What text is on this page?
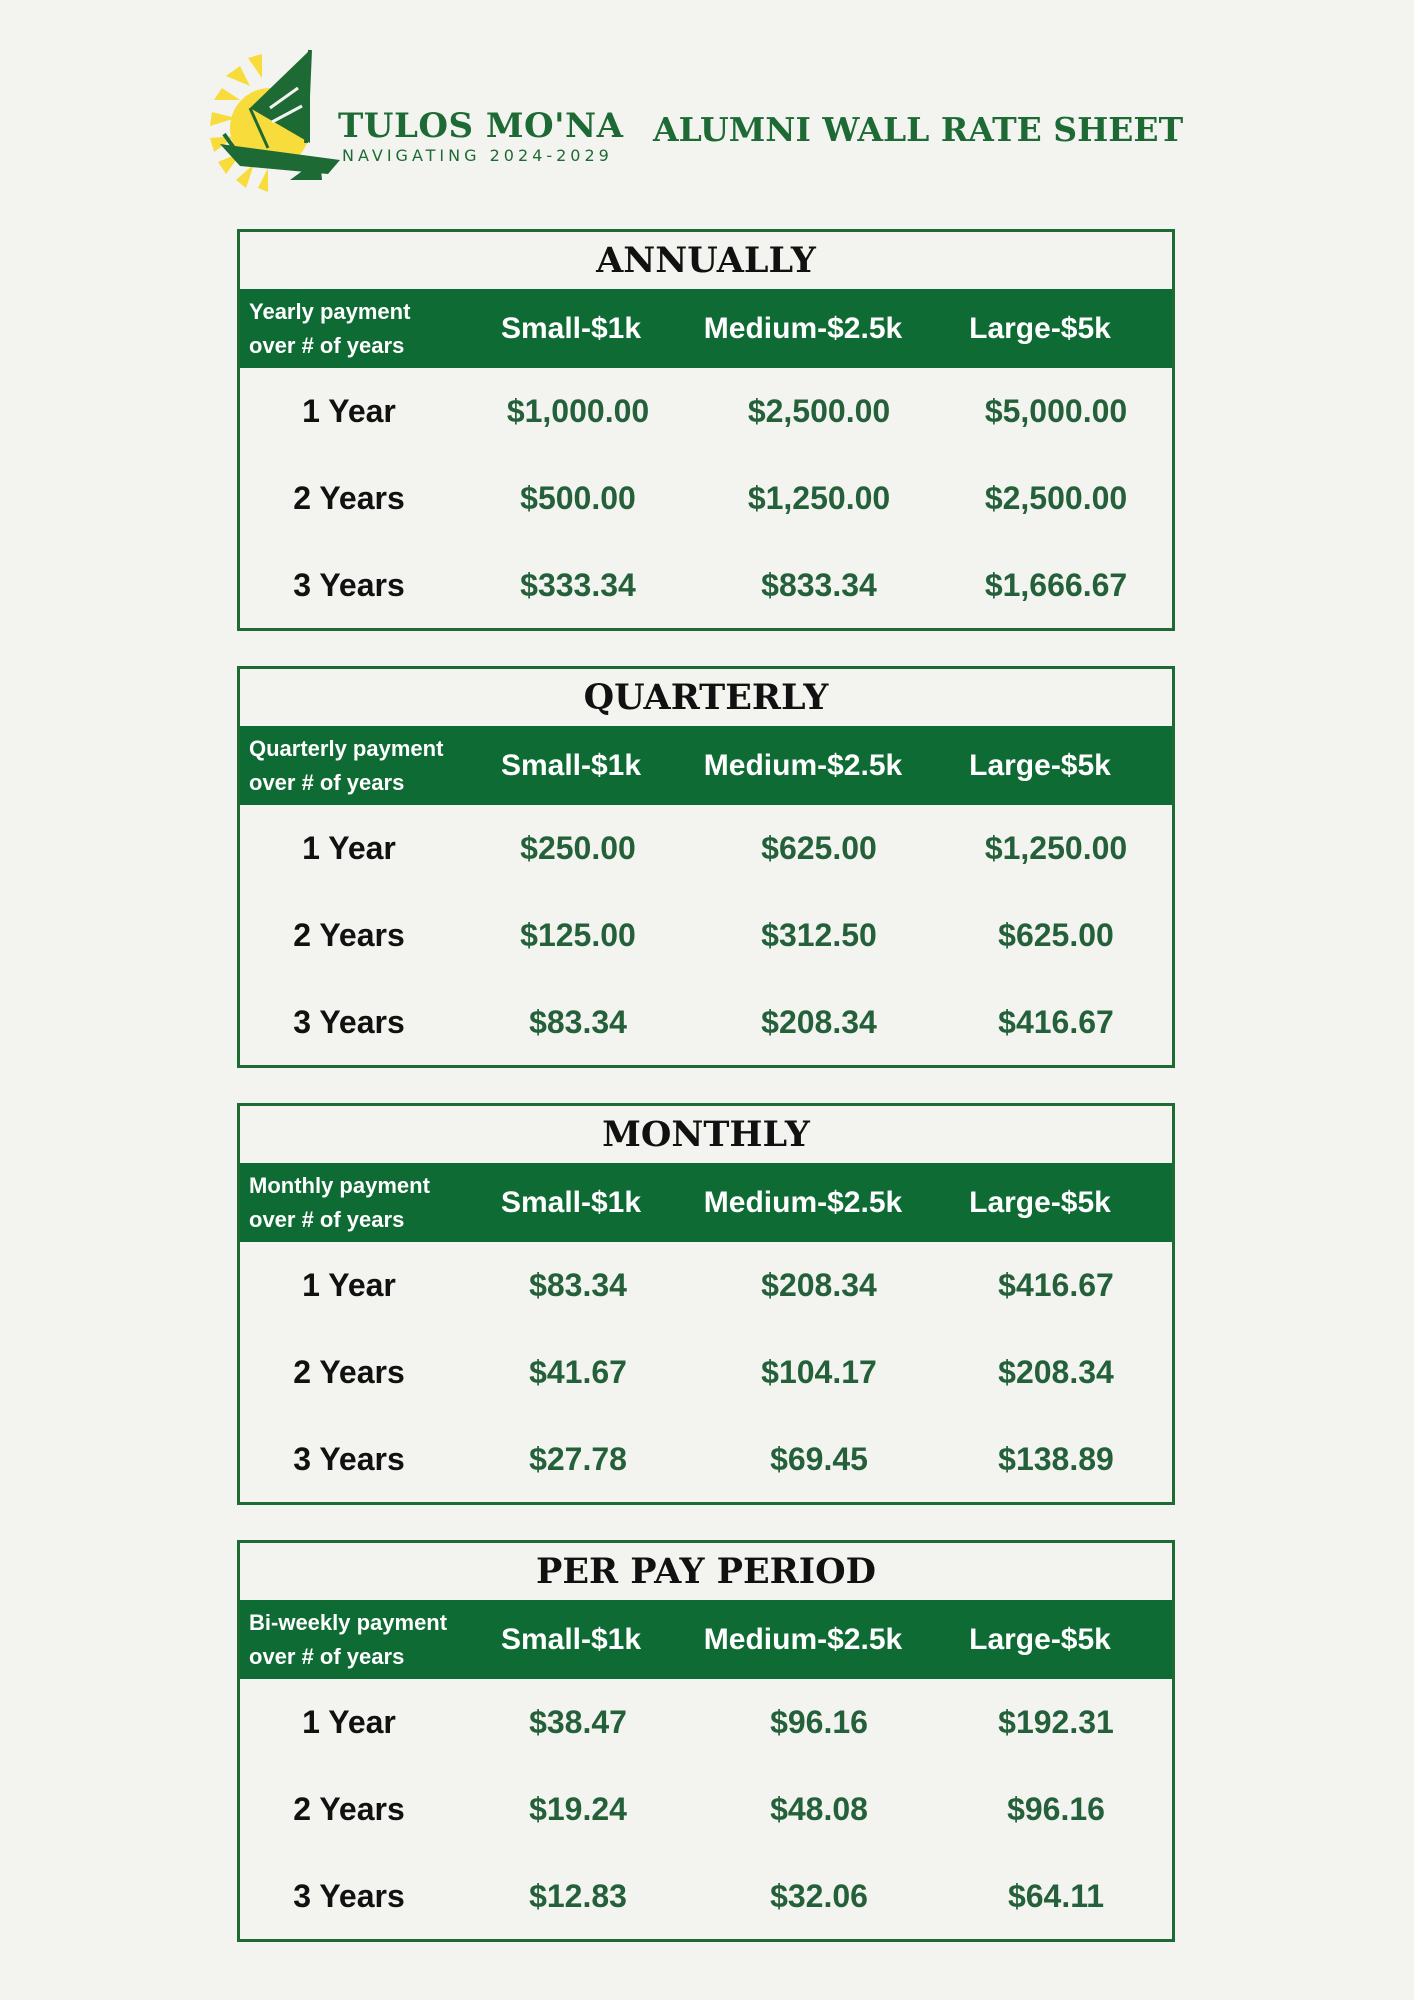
TULOS MO'NA
NAVIGATING 2024-2029
ALUMNI WALL RATE SHEET
ANNUALLY
Yearly payment
over # of years
Small-$1k	Medium-$2.5k	Large-$5k
1 Year	$1,000.00	$2,500.00	$5,000.00
2 Years	$500.00	$1,250.00	$2,500.00
3 Years	$333.34	$833.34	$1,666.67
QUARTERLY
Quarterly payment
over # of years
Small-$1k	Medium-$2.5k	Large-$5k
1 Year	$250.00	$625.00	$1,250.00
2 Years	$125.00	$312.50	$625.00
3 Years	$83.34	$208.34	$416.67
MONTHLY
Monthly payment
over # of years
Small-$1k	Medium-$2.5k	Large-$5k
1 Year	$83.34	$208.34	$416.67
2 Years	$41.67	$104.17	$208.34
3 Years	$27.78	$69.45	$138.89
PER PAY PERIOD
Bi-weekly payment
over # of years
Small-$1k	Medium-$2.5k	Large-$5k
1 Year	$38.47	$96.16	$192.31
2 Years	$19.24	$48.08	$96.16
3 Years	$12.83	$32.06	$64.11
